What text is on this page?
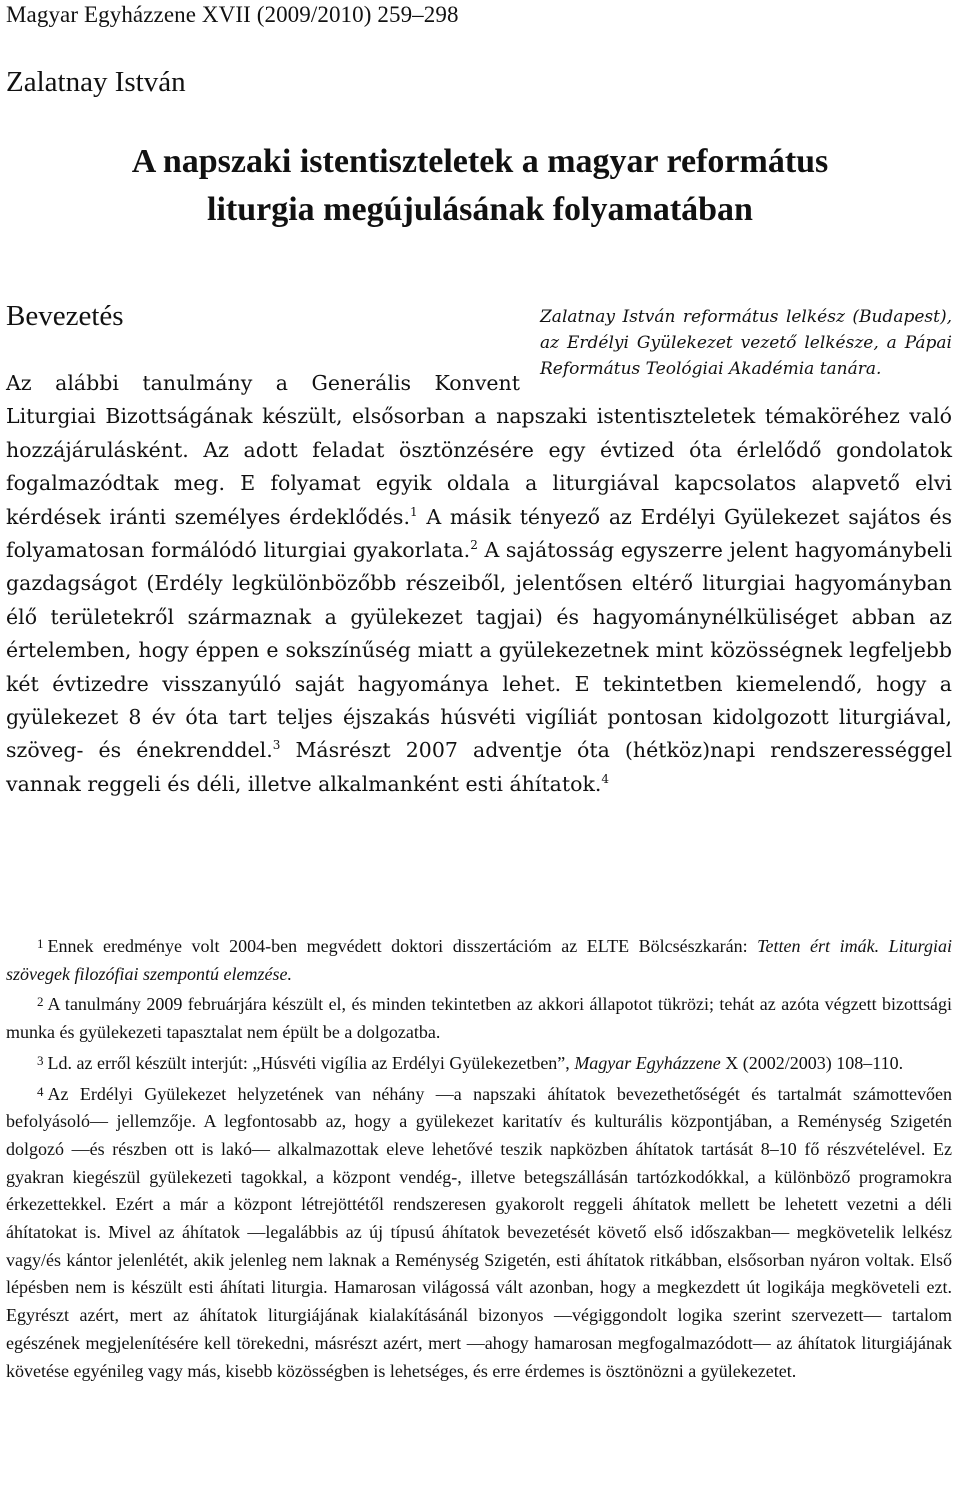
Magyar Egyházzene XVII (2009/2010) 259–298
Zalatnay István
A napszaki istentiszteletek a magyar református
liturgia megújulásának folyamatában
Bevezetés	Zalatnay István református lelkész (Budapest), az Erdélyi Gyülekezet vezető lelkésze, a Pápai Református Teológiai Akadémia tanára.
Az alábbi tanulmány a Generális Konvent
Liturgiai Bizottságának készült, elsősorban a napszaki istentiszteletek témaköréhez való hozzájárulásként. Az adott feladat ösztönzésére egy évtized óta érlelődő gondolatok fogalmazódtak meg. E folyamat egyik oldala a liturgiával kapcsolatos alapvető elvi kérdések iránti személyes érdeklődés.$^1$ A másik tényező az Erdélyi Gyülekezet sajátos és folyamatosan formálódó liturgiai gyakorlata.$^2$ A sajátosság egyszerre jelent hagyománybeli gazdagságot (Erdély legkülönbözőbb részeiből, jelentősen eltérő liturgiai hagyományban élő területekről származnak a gyülekezet tagjai) és hagyománynélküliséget abban az értelemben, hogy éppen e sokszínűség miatt a gyülekezetnek mint közösségnek legfeljebb két évtizedre visszanyúló saját hagyománya lehet. E tekintetben kiemelendő, hogy a gyülekezet 8 év óta tart teljes éjszakás húsvéti vigíliát pontosan kidolgozott liturgiával, szöveg- és énekrenddel.$^3$ Másrészt 2007 adventje óta (hétköz)napi rendszerességgel vannak reggeli és déli, illetve alkalmanként esti áhítatok.$^4$

$^1$ Ennek eredménye volt 2004-ben megvédett doktori disszertációm az ELTE Bölcsészkarán: Tetten ért imák. Liturgiai szövegek filozófiai szempontú elemzése.

$^2$ A tanulmány 2009 februárjára készült el, és minden tekintetben az akkori állapotot tükrözi; tehát az azóta végzett bizottsági munka és gyülekezeti tapasztalat nem épült be a dolgozatba.

$^3$ Ld. az erről készült interjút: „Húsvéti vigília az Erdélyi Gyülekezetben”, Magyar Egyházzene X (2002/2003) 108–110.

$^4$ Az Erdélyi Gyülekezet helyzetének van néhány —a napszaki áhítatok bevezethetőségét és tartalmát számottevően befolyásoló— jellemzője. A legfontosabb az, hogy a gyülekezet karitatív és kulturális központjában, a Reménység Szigetén dolgozó —és részben ott is lakó— alkalmazottak eleve lehetővé teszik napközben áhítatok tartását 8–10 fő részvételével. Ez gyakran kiegészül gyülekezeti tagokkal, a központ vendég-, illetve betegszállásán tartózkodókkal, a különböző programokra érkezettekkel. Ezért a már a központ létrejöttétől rendszeresen gyakorolt reggeli áhítatok mellett be lehetett vezetni a déli áhítatokat is. Mivel az áhítatok —legalábbis az új típusú áhítatok bevezetését követő első időszakban— megkövetelik lelkész vagy/és kántor jelenlétét, akik jelenleg nem laknak a Reménység Szigetén, esti áhítatok ritkábban, elsősorban nyáron voltak. Első lépésben nem is készült esti áhítati liturgia. Hamarosan világossá vált azonban, hogy a megkezdett út logikája megköveteli ezt. Egyrészt azért, mert az áhítatok liturgiájának kialakításánál bizonyos —végiggondolt logika szerint szervezett— tartalom egészének megjelenítésére kell törekedni, másrészt azért, mert —ahogy hamarosan megfogalmazódott— az áhítatok liturgiájának követése egyénileg vagy más, kisebb közösségben is lehetséges, és erre érdemes is ösztönözni a gyülekezetet.
